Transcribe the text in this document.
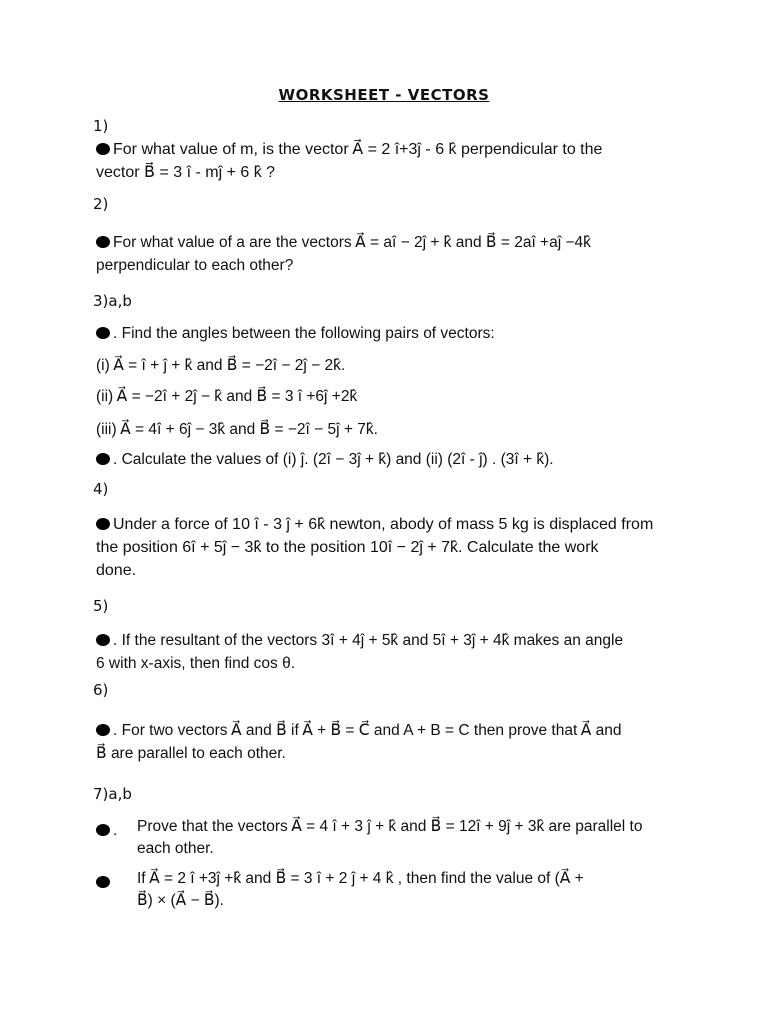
WORKSHEET - VECTORS
1)
For what value of m, is the vector A⃗ = 2 î+3ĵ - 6 k̂ perpendicular to the
vector B⃗ = 3 î - mĵ + 6 k̂ ?
2)
For what value of a are the vectors A⃗ = aî − 2ĵ + k̂ and B⃗ = 2aî +aĵ −4k̂
perpendicular to each other?
3)a,b
. Find the angles between the following pairs of vectors:
(i) A⃗ = î + ĵ + k̂ and B⃗ = −2î − 2ĵ − 2k̂.
(ii) A⃗ = −2î + 2ĵ − k̂ and B⃗ = 3 î +6ĵ +2k̂
(iii) A⃗ = 4î + 6ĵ − 3k̂ and B⃗ = −2î − 5ĵ + 7k̂.
. Calculate the values of (i) ĵ. (2î − 3ĵ + k̂) and (ii) (2î - ĵ) . (3î + k̂).
4)
Under a force of 10 î - 3 ĵ + 6k̂ newton, abody of mass 5 kg is displaced from
the position 6î + 5ĵ − 3k̂ to the position 10î − 2ĵ + 7k̂. Calculate the work
done.
5)
. If the resultant of the vectors 3î + 4ĵ + 5k̂ and 5î + 3ĵ + 4k̂ makes an angle
6 with x-axis, then find cos θ.
6)
. For two vectors A⃗ and B⃗ if A⃗ + B⃗ = C⃗ and A + B = C then prove that A⃗ and
B⃗ are parallel to each other.
7)a,b
. Prove that the vectors A⃗ = 4 î + 3 ĵ + k̂ and B⃗ = 12î + 9ĵ + 3k̂ are parallel to
each other.
If A⃗ = 2 î +3ĵ +k̂ and B⃗ = 3 î + 2 ĵ + 4 k̂ , then find the value of (A⃗ +
B⃗) × (A⃗ − B⃗).
